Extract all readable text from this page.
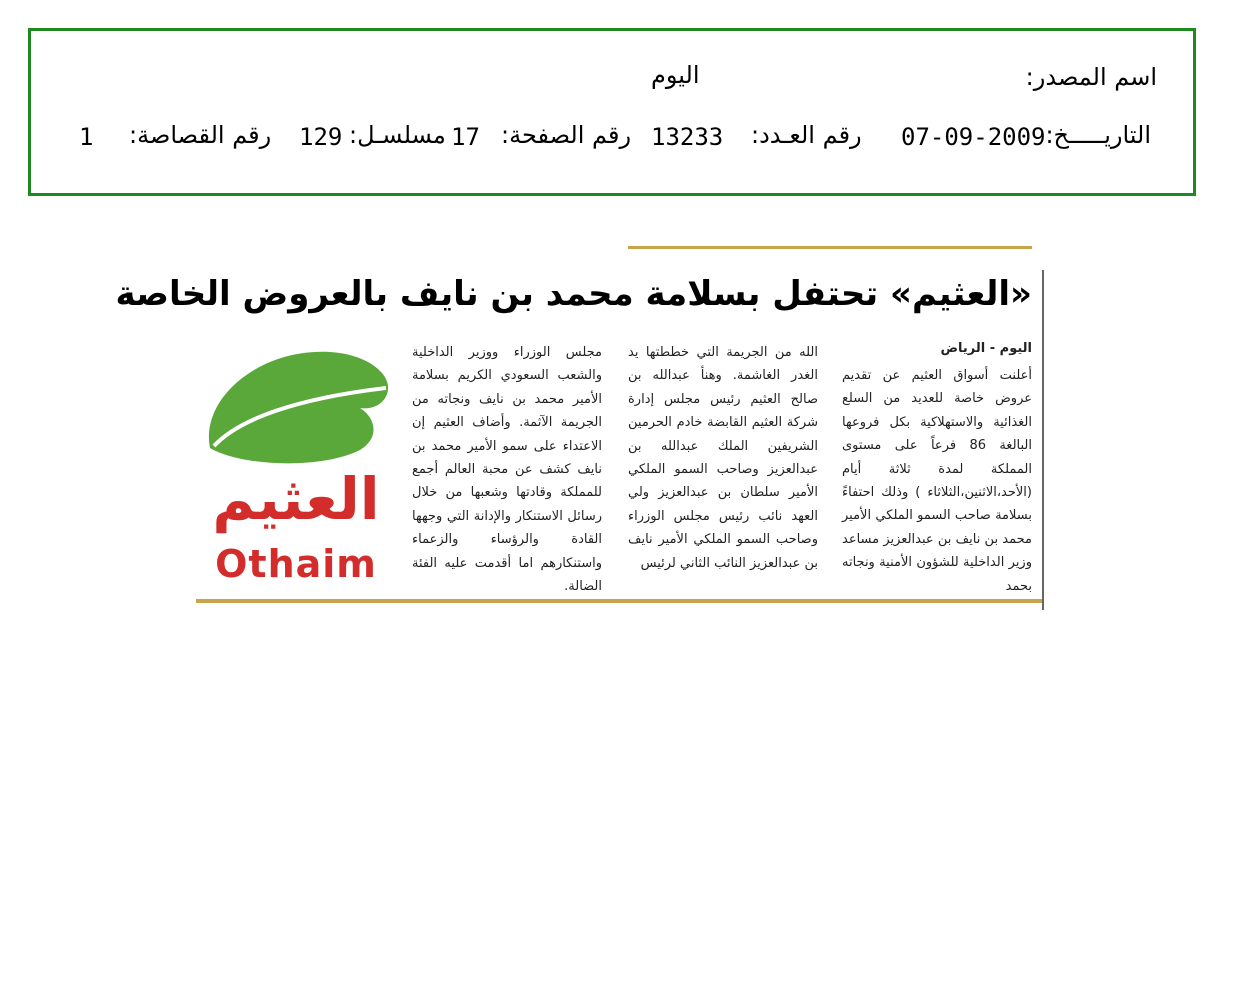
اسم المصدر:
اليوم
التاريـــــخ:
07-09-2009
رقم العـدد:
13233
رقم الصفحة:
17
مسلسـل:
129
رقم القصاصة:
1
«العثيم» تحتفل بسلامة محمد بن نايف بالعروض الخاصة
اليوم - الرياض

أعلنت أسواق العثيم عن تقديم عروض خاصة للعديد من السلع الغذائية والاستهلاكية بكل فروعها البالغة 86 فرعاً على مستوى المملكة لمدة ثلاثة أيام (الأحد،الاثنين،الثلاثاء ) وذلك احتفاءً بسلامة صاحب السمو الملكي الأمير محمد بن نايف بن عبدالعزيز مساعد وزير الداخلية للشؤون الأمنية ونجاته بحمد

الله من الجريمة التي خططتها يد الغدر الغاشمة. وهنأ عبدالله بن صالح العثيم رئيس مجلس إدارة شركة العثيم القابضة خادم الحرمين الشريفين الملك عبدالله بن عبدالعزيز وصاحب السمو الملكي الأمير سلطان بن عبدالعزيز ولي العهد نائب رئيس مجلس الوزراء وصاحب السمو الملكي الأمير نايف بن عبدالعزيز النائب الثاني لرئيس

مجلس الوزراء ووزير الداخلية والشعب السعودي الكريم بسلامة الأمير محمد بن نايف ونجاته من الجريمة الآثمة. وأضاف العثيم إن الاعتداء على سمو الأمير محمد بن نايف كشف عن محبة العالم أجمع للمملكة وقادتها وشعبها من خلال رسائل الاستنكار والإدانة التي وجهها القادة والرؤساء والزعماء واستنكارهم اما أقدمت عليه الفئة الضالة.

العثيم
Othaim
